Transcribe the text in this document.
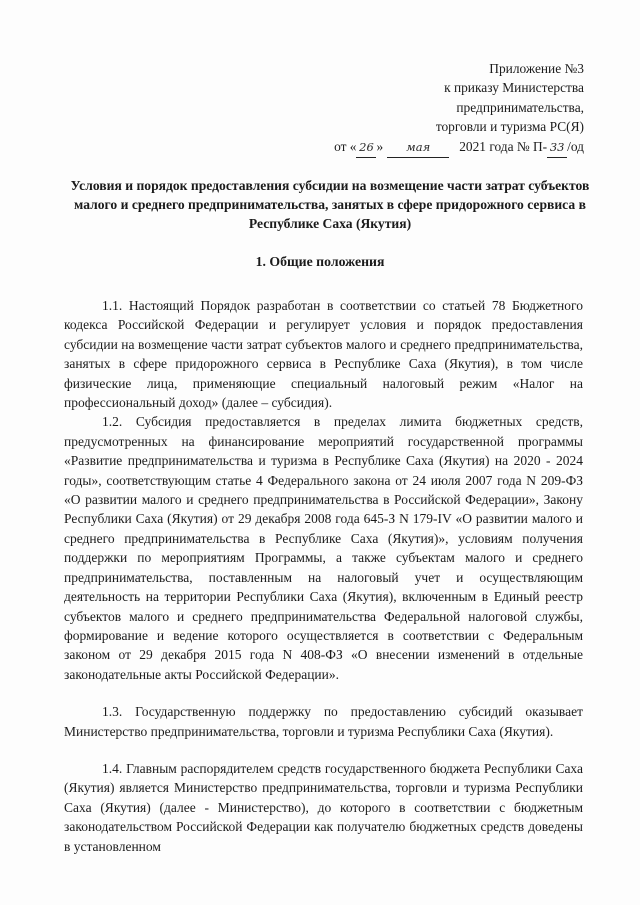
Приложение №3
к приказу Министерства
предпринимательства,
торговли и туризма РС(Я)
от « 26 » мая 2021 года № П- 33 /од
Условия и порядок предоставления субсидии на возмещение части затрат субъектов малого и среднего предпринимательства, занятых в сфере придорожного сервиса в Республике Саха (Якутия)
1. Общие положения

1.1. Настоящий Порядок разработан в соответствии со статьей 78 Бюджетного кодекса Российской Федерации и регулирует условия и порядок предоставления субсидии на возмещение части затрат субъектов малого и среднего предпринимательства, занятых в сфере придорожного сервиса в Республике Саха (Якутия), в том числе физические лица, применяющие специальный налоговый режим «Налог на профессиональный доход» (далее – субсидия).

1.2. Субсидия предоставляется в пределах лимита бюджетных средств, предусмотренных на финансирование мероприятий государственной программы «Развитие предпринимательства и туризма в Республике Саха (Якутия) на 2020 - 2024 годы», соответствующим статье 4 Федерального закона от 24 июля 2007 года N 209-ФЗ «О развитии малого и среднего предпринимательства в Российской Федерации», Закону Республики Саха (Якутия) от 29 декабря 2008 года 645-З N 179-IV «О развитии малого и среднего предпринимательства в Республике Саха (Якутия)», условиям получения поддержки по мероприятиям Программы, а также субъектам малого и среднего предпринимательства, поставленным на налоговый учет и осуществляющим деятельность на территории Республики Саха (Якутия), включенным в Единый реестр субъектов малого и среднего предпринимательства Федеральной налоговой службы, формирование и ведение которого осуществляется в соответствии с Федеральным законом от 29 декабря 2015 года N 408-ФЗ «О внесении изменений в отдельные законодательные акты Российской Федерации».

1.3. Государственную поддержку по предоставлению субсидий оказывает Министерство предпринимательства, торговли и туризма Республики Саха (Якутия).

1.4. Главным распорядителем средств государственного бюджета Республики Саха (Якутия) является Министерство предпринимательства, торговли и туризма Республики Саха (Якутия) (далее - Министерство), до которого в соответствии с бюджетным законодательством Российской Федерации как получателю бюджетных средств доведены в установленном
